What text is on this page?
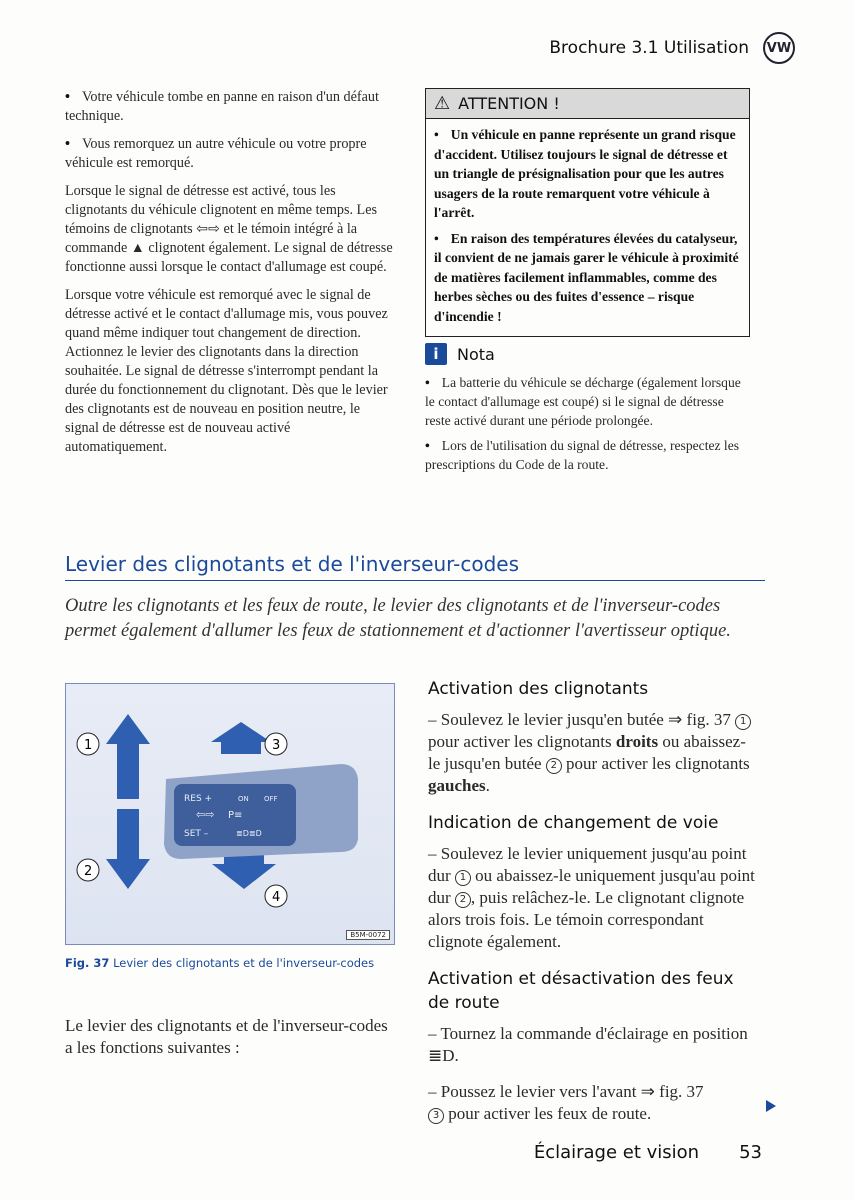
Brochure 3.1 Utilisation VW

• Votre véhicule tombe en panne en raison d'un défaut technique.

• Vous remorquez un autre véhicule ou votre propre véhicule est remorqué.

Lorsque le signal de détresse est activé, tous les clignotants du véhicule clignotent en même temps. Les témoins de clignotants ⇦⇨ et le témoin intégré à la commande ▲ clignotent également. Le signal de détresse fonctionne aussi lorsque le contact d'allumage est coupé.

Lorsque votre véhicule est remorqué avec le signal de détresse activé et le contact d'allumage mis, vous pouvez quand même indiquer tout changement de direction. Actionnez le levier des clignotants dans la direction souhaitée. Le signal de détresse s'interrompt pendant la durée du fonctionnement du clignotant. Dès que le levier des clignotants est de nouveau en position neutre, le signal de détresse est de nouveau activé automatiquement.

⚠ ATTENTION !

• Un véhicule en panne représente un grand risque d'accident. Utilisez toujours le signal de détresse et un triangle de présignalisation pour que les autres usagers de la route remarquent votre véhicule à l'arrêt.

• En raison des températures élevées du catalyseur, il convient de ne jamais garer le véhicule à proximité de matières facilement inflammables, comme des herbes sèches ou des fuites d'essence – risque d'incendie !

i	Nota

• La batterie du véhicule se décharge (également lorsque le contact d'allumage est coupé) si le signal de détresse reste activé durant une période prolongée.

• Lors de l'utilisation du signal de détresse, respectez les prescriptions du Code de la route.

Levier des clignotants et de l'inverseur-codes
Outre les clignotants et les feux de route, le levier des clignotants et de l'inverseur-codes permet également d'allumer les feux de stationnement et d'actionner l'avertisseur optique.
RES +	ON OFF
⇦⇨ P≡
SET –	≣D≣D
1
2
3
4
B5M-0072
Fig. 37 Levier des clignotants et de l'inverseur-codes
Le levier des clignotants et de l'inverseur-codes a les fonctions suivantes :
Activation des clignotants

– Soulevez le levier jusqu'en butée ⇒ fig. 37 1 pour activer les clignotants droits ou abaissez-le jusqu'en butée 2 pour activer les clignotants gauches.

Indication de changement de voie

– Soulevez le levier uniquement jusqu'au point dur 1 ou abaissez-le uniquement jusqu'au point dur 2 , puis relâchez-le. Le clignotant clignote alors trois fois. Le témoin correspondant clignote également.

Activation et désactivation des feux de route

– Tournez la commande d'éclairage en position ≣D.

– Poussez le levier vers l'avant ⇒ fig. 37
3 pour activer les feux de route.

Éclairage et vision 53
